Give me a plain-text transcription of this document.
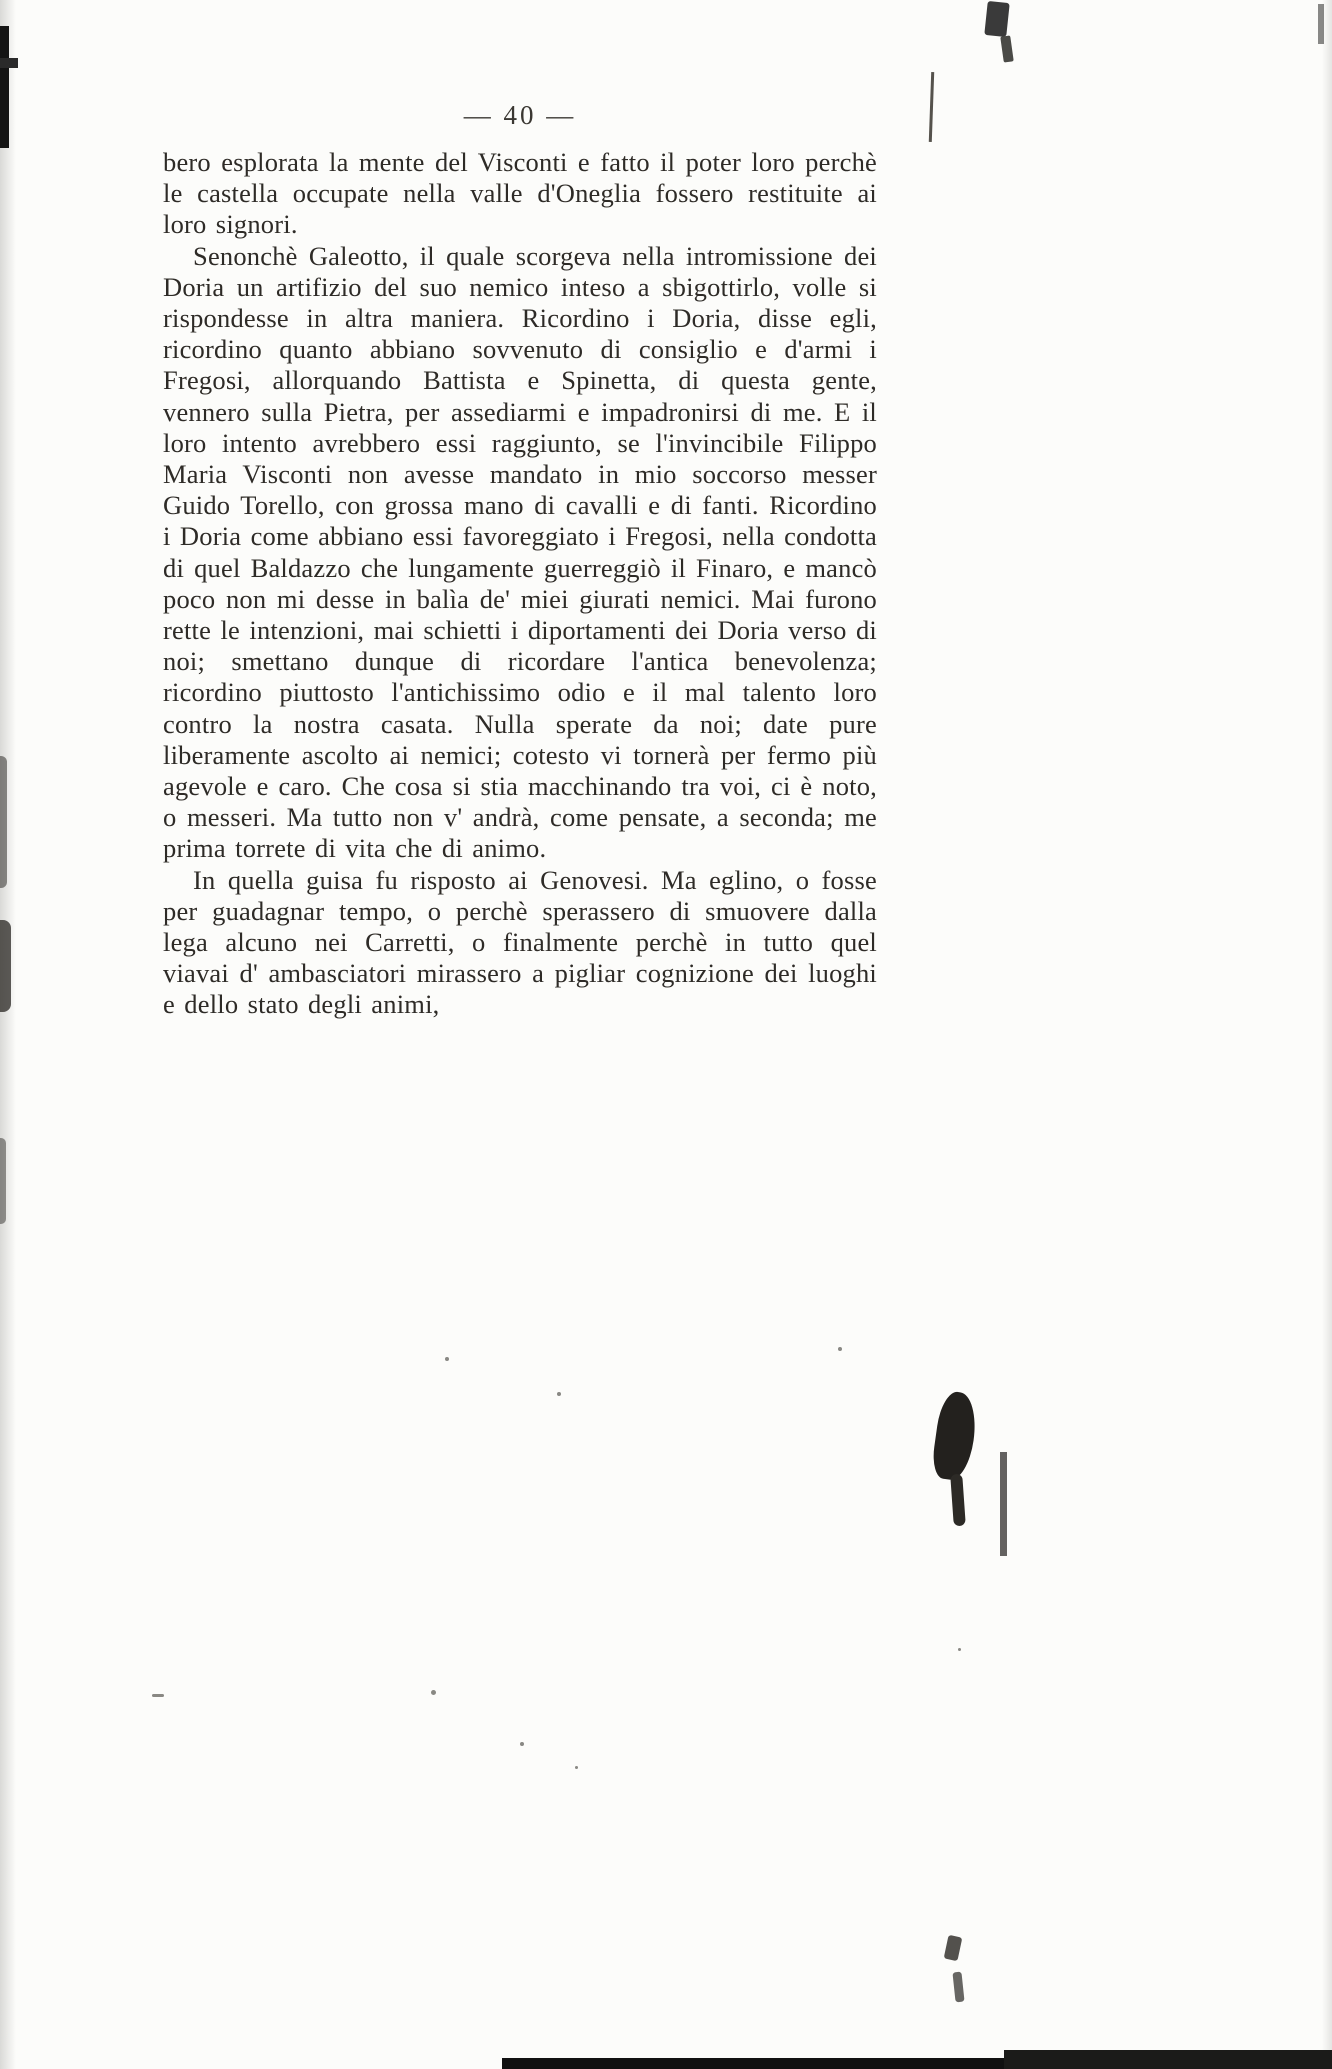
— 40 —

bero esplorata la mente del Visconti e fatto il poter loro perchè le castella occupate nella valle d'Oneglia fossero restituite ai loro signori.

Senonchè Galeotto, il quale scorgeva nella intromissione dei Doria un artifizio del suo nemico inteso a sbigottirlo, volle si rispondesse in altra maniera. Ricordino i Doria, disse egli, ricordino quanto abbiano sovvenuto di consiglio e d'armi i Fregosi, allorquando Battista e Spinetta, di questa gente, vennero sulla Pietra, per assediarmi e impadronirsi di me. E il loro intento avrebbero essi raggiunto, se l'invincibile Filippo Maria Visconti non avesse mandato in mio soccorso messer Guido Torello, con grossa mano di cavalli e di fanti. Ricordino i Doria come abbiano essi favoreggiato i Fregosi, nella condotta di quel Baldazzo che lungamente guerreggiò il Finaro, e mancò poco non mi desse in balìa de' miei giurati nemici. Mai furono rette le intenzioni, mai schietti i diportamenti dei Doria verso di noi; smettano dunque di ricordare l'antica benevolenza; ricordino piuttosto l'antichissimo odio e il mal talento loro contro la nostra casata. Nulla sperate da noi; date pure liberamente ascolto ai nemici; cotesto vi tornerà per fermo più agevole e caro. Che cosa si stia macchinando tra voi, ci è noto, o messeri. Ma tutto non v' andrà, come pensate, a seconda; me prima torrete di vita che di animo.

In quella guisa fu risposto ai Genovesi. Ma eglino, o fosse per guadagnar tempo, o perchè sperassero di smuovere dalla lega alcuno nei Carretti, o finalmente perchè in tutto quel viavai d' ambasciatori mirassero a pigliar cognizione dei luoghi e dello stato degli animi,
